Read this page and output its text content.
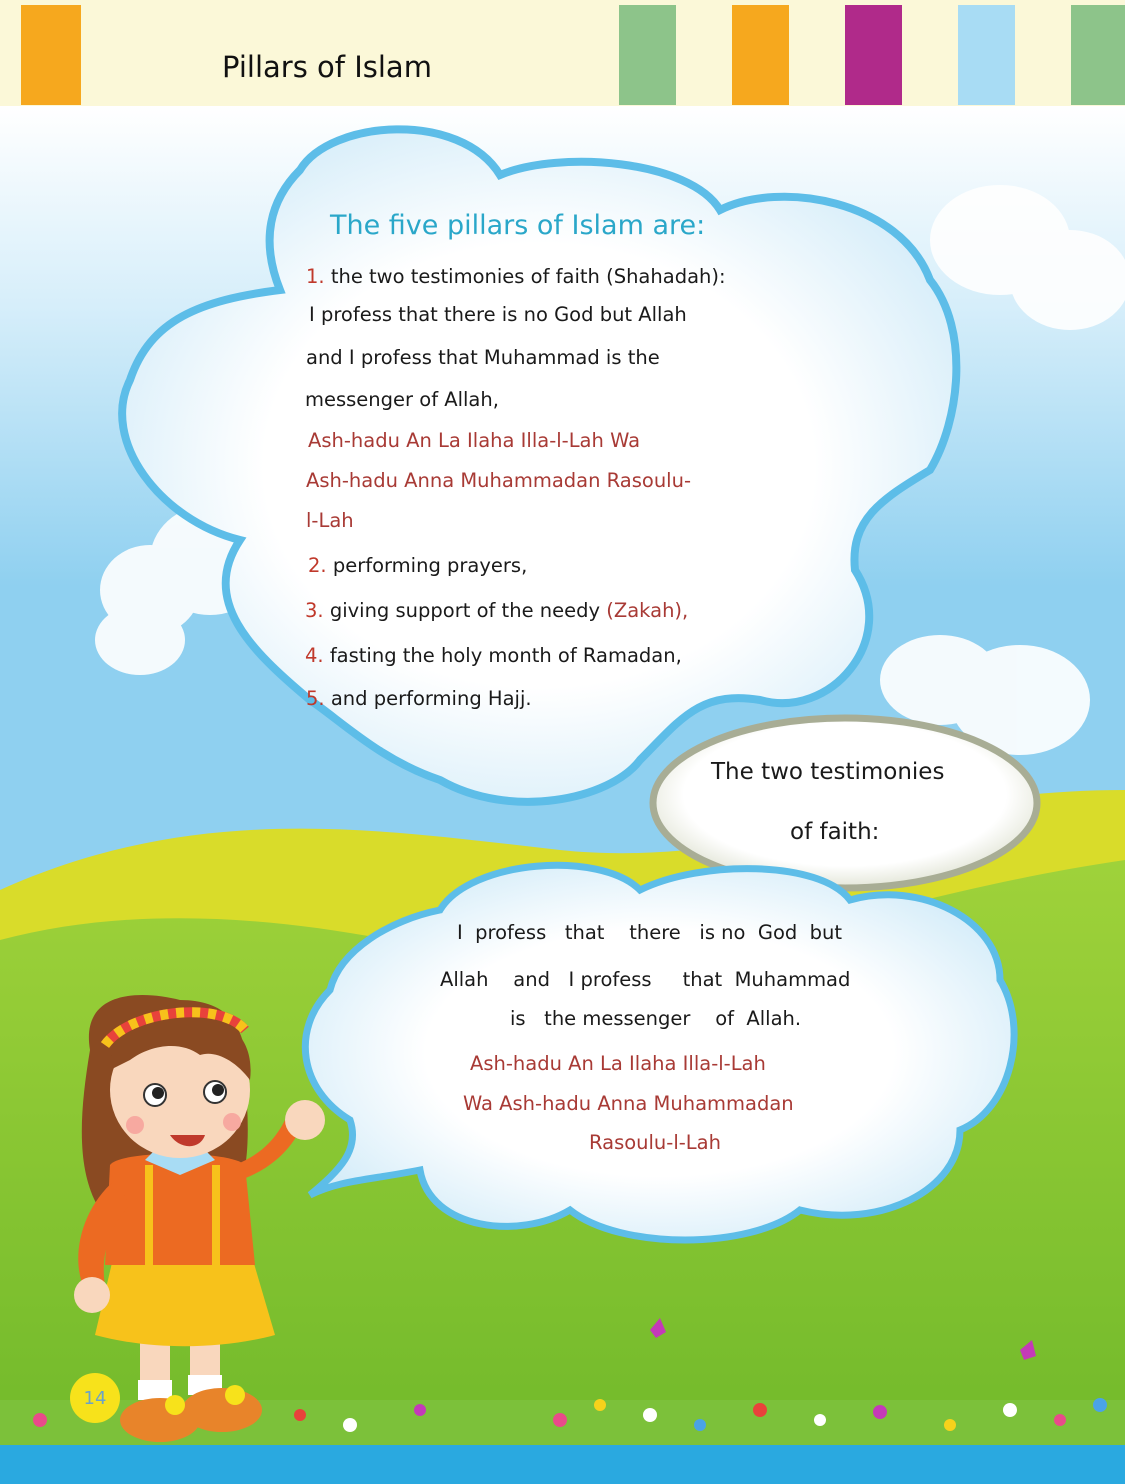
Pillars of Islam
The five pillars of Islam are:

1. the two testimonies of faith (Shahadah):

I profess that there is no God but Allah

and I profess that Muhammad is the

messenger of Allah,

Ash-hadu An La Ilaha Illa-l-Lah Wa

Ash-hadu Anna Muhammadan Rasoulu-

l-Lah

2. performing prayers,

3. giving support of the needy (Zakah),

4. fasting the holy month of Ramadan,

5. and performing Hajj.

The two testimonies

of faith:

I  profess   that    there   is no  God  but

Allah    and   I profess     that  Muhammad

is   the messenger    of  Allah.

Ash-hadu An La Ilaha Illa-l-Lah

Wa Ash-hadu Anna Muhammadan

Rasoulu-l-Lah

14
